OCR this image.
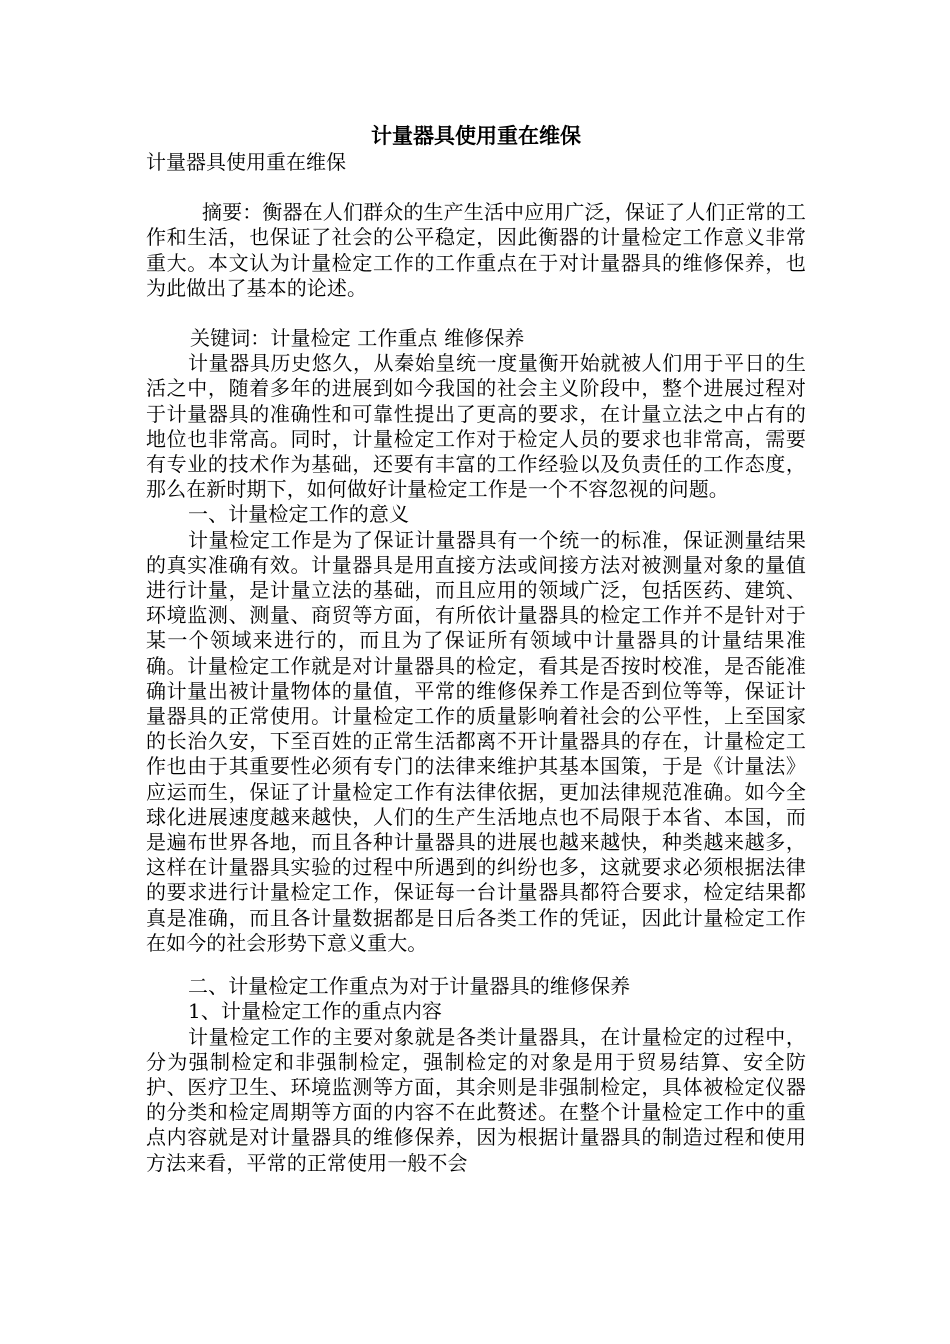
计量器具使用重在维保

计量器具使用重在维保

摘要：衡器在人们群众的生产生活中应用广泛，保证了人们正常的工作和生活，也保证了社会的公平稳定，因此衡器的计量检定工作意义非常重大。本文认为计量检定工作的工作重点在于对计量器具的维修保养，也为此做出了基本的论述。

关键词：计量检定 工作重点 维修保养

计量器具历史悠久，从秦始皇统一度量衡开始就被人们用于平日的生活之中，随着多年的进展到如今我国的社会主义阶段中，整个进展过程对于计量器具的准确性和可靠性提出了更高的要求，在计量立法之中占有的地位也非常高。同时，计量检定工作对于检定人员的要求也非常高，需要有专业的技术作为基础，还要有丰富的工作经验以及负责任的工作态度，那么在新时期下，如何做好计量检定工作是一个不容忽视的问题。

一、计量检定工作的意义

计量检定工作是为了保证计量器具有一个统一的标准，保证测量结果的真实准确有效。计量器具是用直接方法或间接方法对被测量对象的量值进行计量，是计量立法的基础，而且应用的领域广泛，包括医药、建筑、环境监测、测量、商贸等方面，有所依计量器具的检定工作并不是针对于某一个领域来进行的，而且为了保证所有领域中计量器具的计量结果准确。计量检定工作就是对计量器具的检定，看其是否按时校准，是否能准确计量出被计量物体的量值，平常的维修保养工作是否到位等等，保证计量器具的正常使用。计量检定工作的质量影响着社会的公平性，上至国家的长治久安，下至百姓的正常生活都离不开计量器具的存在，计量检定工作也由于其重要性必须有专门的法律来维护其基本国策，于是《计量法》应运而生，保证了计量检定工作有法律依据，更加法律规范准确。如今全球化进展速度越来越快，人们的生产生活地点也不局限于本省、本国，而是遍布世界各地，而且各种计量器具的进展也越来越快，种类越来越多，这样在计量器具实验的过程中所遇到的纠纷也多，这就要求必须根据法律的要求进行计量检定工作，保证每一台计量器具都符合要求，检定结果都真是准确，而且各计量数据都是日后各类工作的凭证，因此计量检定工作在如今的社会形势下意义重大。

二、计量检定工作重点为对于计量器具的维修保养

1、计量检定工作的重点内容

计量检定工作的主要对象就是各类计量器具，在计量检定的过程中，分为强制检定和非强制检定，强制检定的对象是用于贸易结算、安全防护、医疗卫生、环境监测等方面，其余则是非强制检定，具体被检定仪器的分类和检定周期等方面的内容不在此赘述。在整个计量检定工作中的重点内容就是对计量器具的维修保养，因为根据计量器具的制造过程和使用方法来看，平常的正常使用一般不会
